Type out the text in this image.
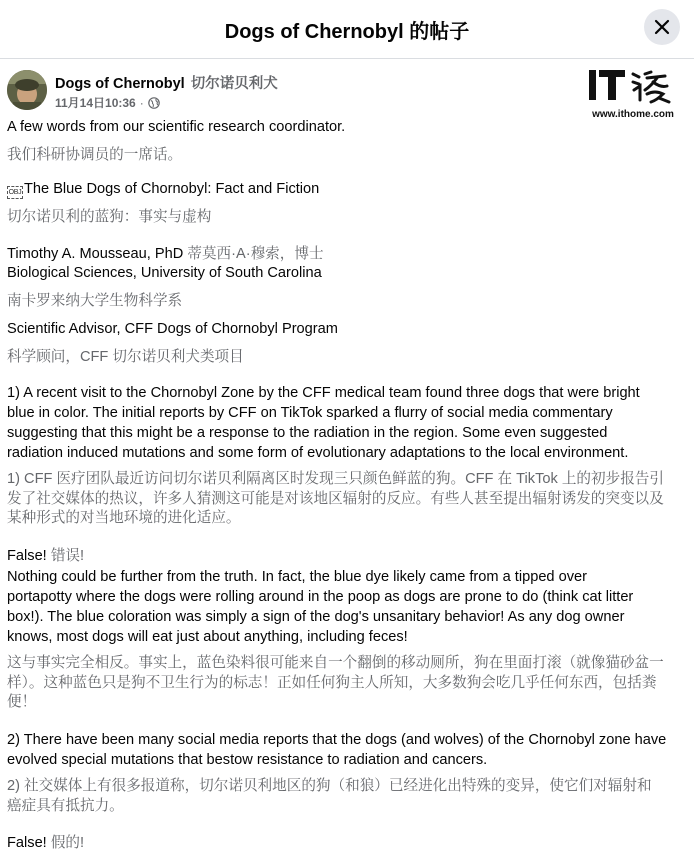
Dogs of Chernobyl 的帖子
Dogs of Chernobyl 切尔诺贝利犬
11月14日10:36 ·
www.ithome.com
A few words from our scientific research coordinator.
我们科研协调员的一席话。
OBJ The Blue Dogs of Chornobyl: Fact and Fiction
切尔诺贝利的蓝狗：事实与虚构
Timothy A. Mousseau, PhD 蒂莫西·A·穆索，博士
Biological Sciences, University of South Carolina
南卡罗来纳大学生物科学系
Scientific Advisor, CFF Dogs of Chornobyl Program
科学顾问，CFF 切尔诺贝利犬类项目
1) A recent visit to the Chornobyl Zone by the CFF medical team found three dogs that were bright
blue in color. The initial reports by CFF on TikTok sparked a flurry of social media commentary
suggesting that this might be a response to the radiation in the region. Some even suggested
radiation induced mutations and some form of evolutionary adaptations to the local environment.
1) CFF 医疗团队最近访问切尔诺贝利隔离区时发现三只颜色鲜蓝的狗。CFF 在 TikTok 上的初步报告引
发了社交媒体的热议，许多人猜测这可能是对该地区辐射的反应。有些人甚至提出辐射诱发的突变以及
某种形式的对当地环境的进化适应。
False! 错误!
Nothing could be further from the truth. In fact, the blue dye likely came from a tipped over
portapotty where the dogs were rolling around in the poop as dogs are prone to do (think cat litter
box!). The blue coloration was simply a sign of the dog's unsanitary behavior! As any dog owner
knows, most dogs will eat just about anything, including feces!
这与事实完全相反。事实上，蓝色染料很可能来自一个翻倒的移动厕所，狗在里面打滚（就像猫砂盆一
样）。这种蓝色只是狗不卫生行为的标志！正如任何狗主人所知，大多数狗会吃几乎任何东西，包括粪
便！
2) There have been many social media reports that the dogs (and wolves) of the Chornobyl zone have
evolved special mutations that bestow resistance to radiation and cancers.
2) 社交媒体上有很多报道称，切尔诺贝利地区的狗（和狼）已经进化出特殊的变异，使它们对辐射和
癌症具有抵抗力。
False! 假的!
